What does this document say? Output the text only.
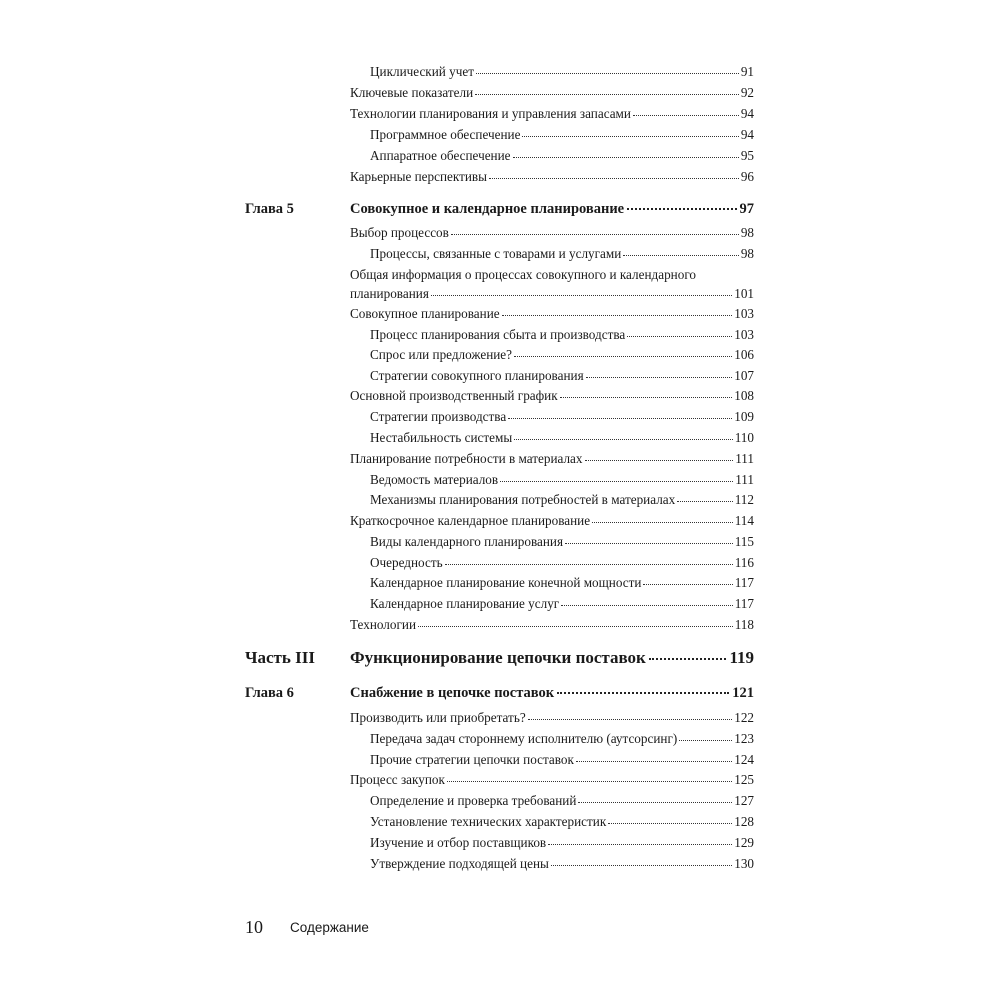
Циклический учет	91
Ключевые показатели	92
Технологии планирования и управления запасами	94
Программное обеспечение	94
Аппаратное обеспечение	95
Карьерные перспективы	96
Глава 5	Совокупное и календарное планирование	97
Выбор процессов	98
Процессы, связанные с товарами и услугами	98
Общая информация о процессах совокупного и календарного
планирования	101
Совокупное планирование	103
Процесс планирования сбыта и производства	103
Спрос или предложение?	106
Стратегии совокупного планирования	107
Основной производственный график	108
Стратегии производства	109
Нестабильность системы	110
Планирование потребности в материалах	111
Ведомость материалов	111
Механизмы планирования потребностей в материалах	112
Краткосрочное календарное планирование	114
Виды календарного планирования	115
Очередность	116
Календарное планирование конечной мощности	117
Календарное планирование услуг	117
Технологии	118
Часть III Функционирование цепочки поставок	119
Глава 6	Снабжение в цепочке поставок	121
Производить или приобретать?	122
Передача задач стороннему исполнителю (аутсорсинг)	123
Прочие стратегии цепочки поставок	124
Процесс закупок	125
Определение и проверка требований	127
Установление технических характеристик	128
Изучение и отбор поставщиков	129
Утверждение подходящей цены	130
10 Содержание
